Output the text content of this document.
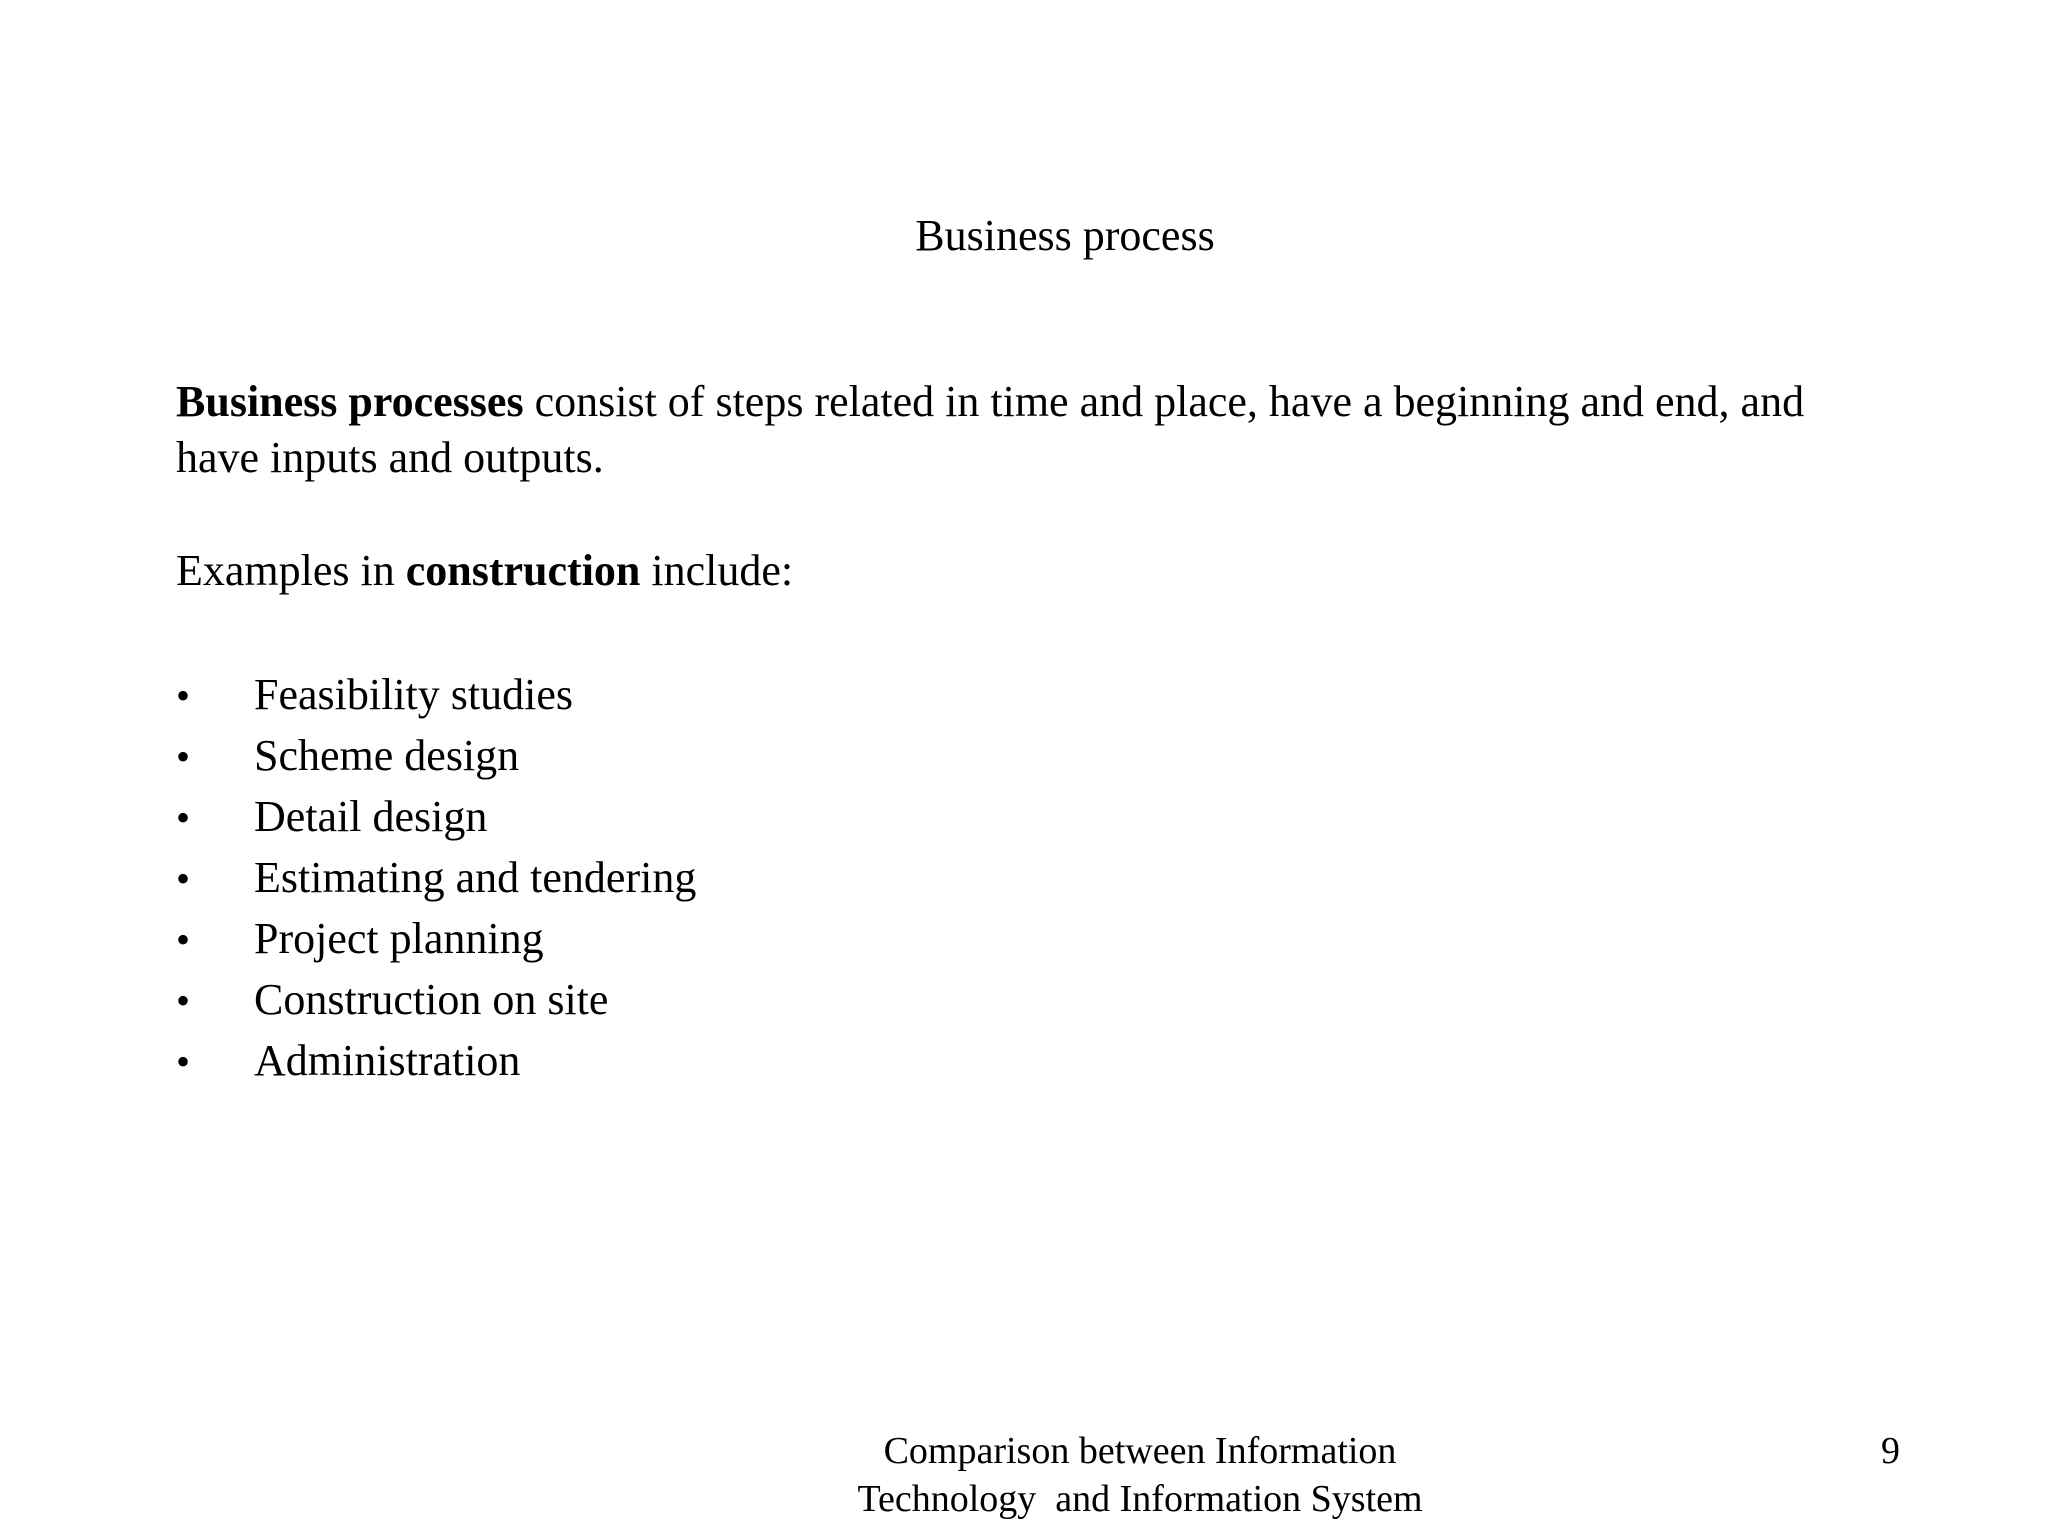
Business process
Business processes consist of steps related in time and place, have a beginning and end, and have inputs and outputs.
Examples in construction include:
•	Feasibility studies
•	Scheme design
•	Detail design
•	Estimating and tendering
•	Project planning
•	Construction on site
•	Administration
Comparison between Information
Technology  and Information System
9
